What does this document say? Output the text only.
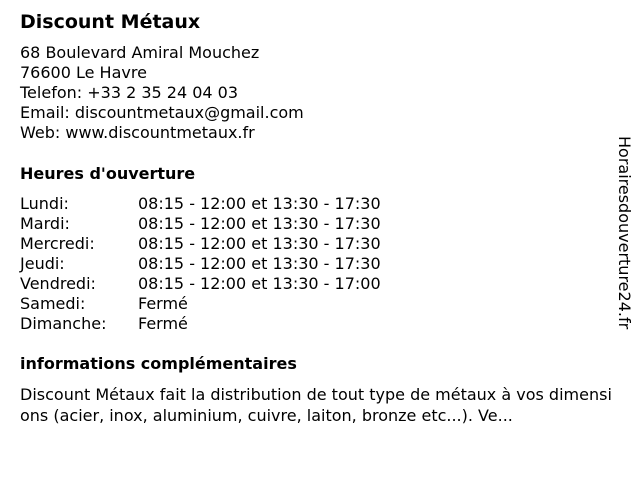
Discount Métaux
68 Boulevard Amiral Mouchez
76600 Le Havre
Telefon: +33 2 35 24 04 03
Email: discountmetaux@gmail.com
Web: www.discountmetaux.fr
Heures d'ouverture
Lundi:	08:15 - 12:00 et 13:30 - 17:30
Mardi:	08:15 - 12:00 et 13:30 - 17:30
Mercredi:	08:15 - 12:00 et 13:30 - 17:30
Jeudi:	08:15 - 12:00 et 13:30 - 17:30
Vendredi:	08:15 - 12:00 et 13:30 - 17:00
Samedi:	Fermé
Dimanche:	Fermé
informations complémentaires
Discount Métaux fait la distribution de tout type de métaux à vos dimensions (acier, inox, aluminium, cuivre, laiton, bronze etc...). Ve...
Horairesdouverture24.fr
